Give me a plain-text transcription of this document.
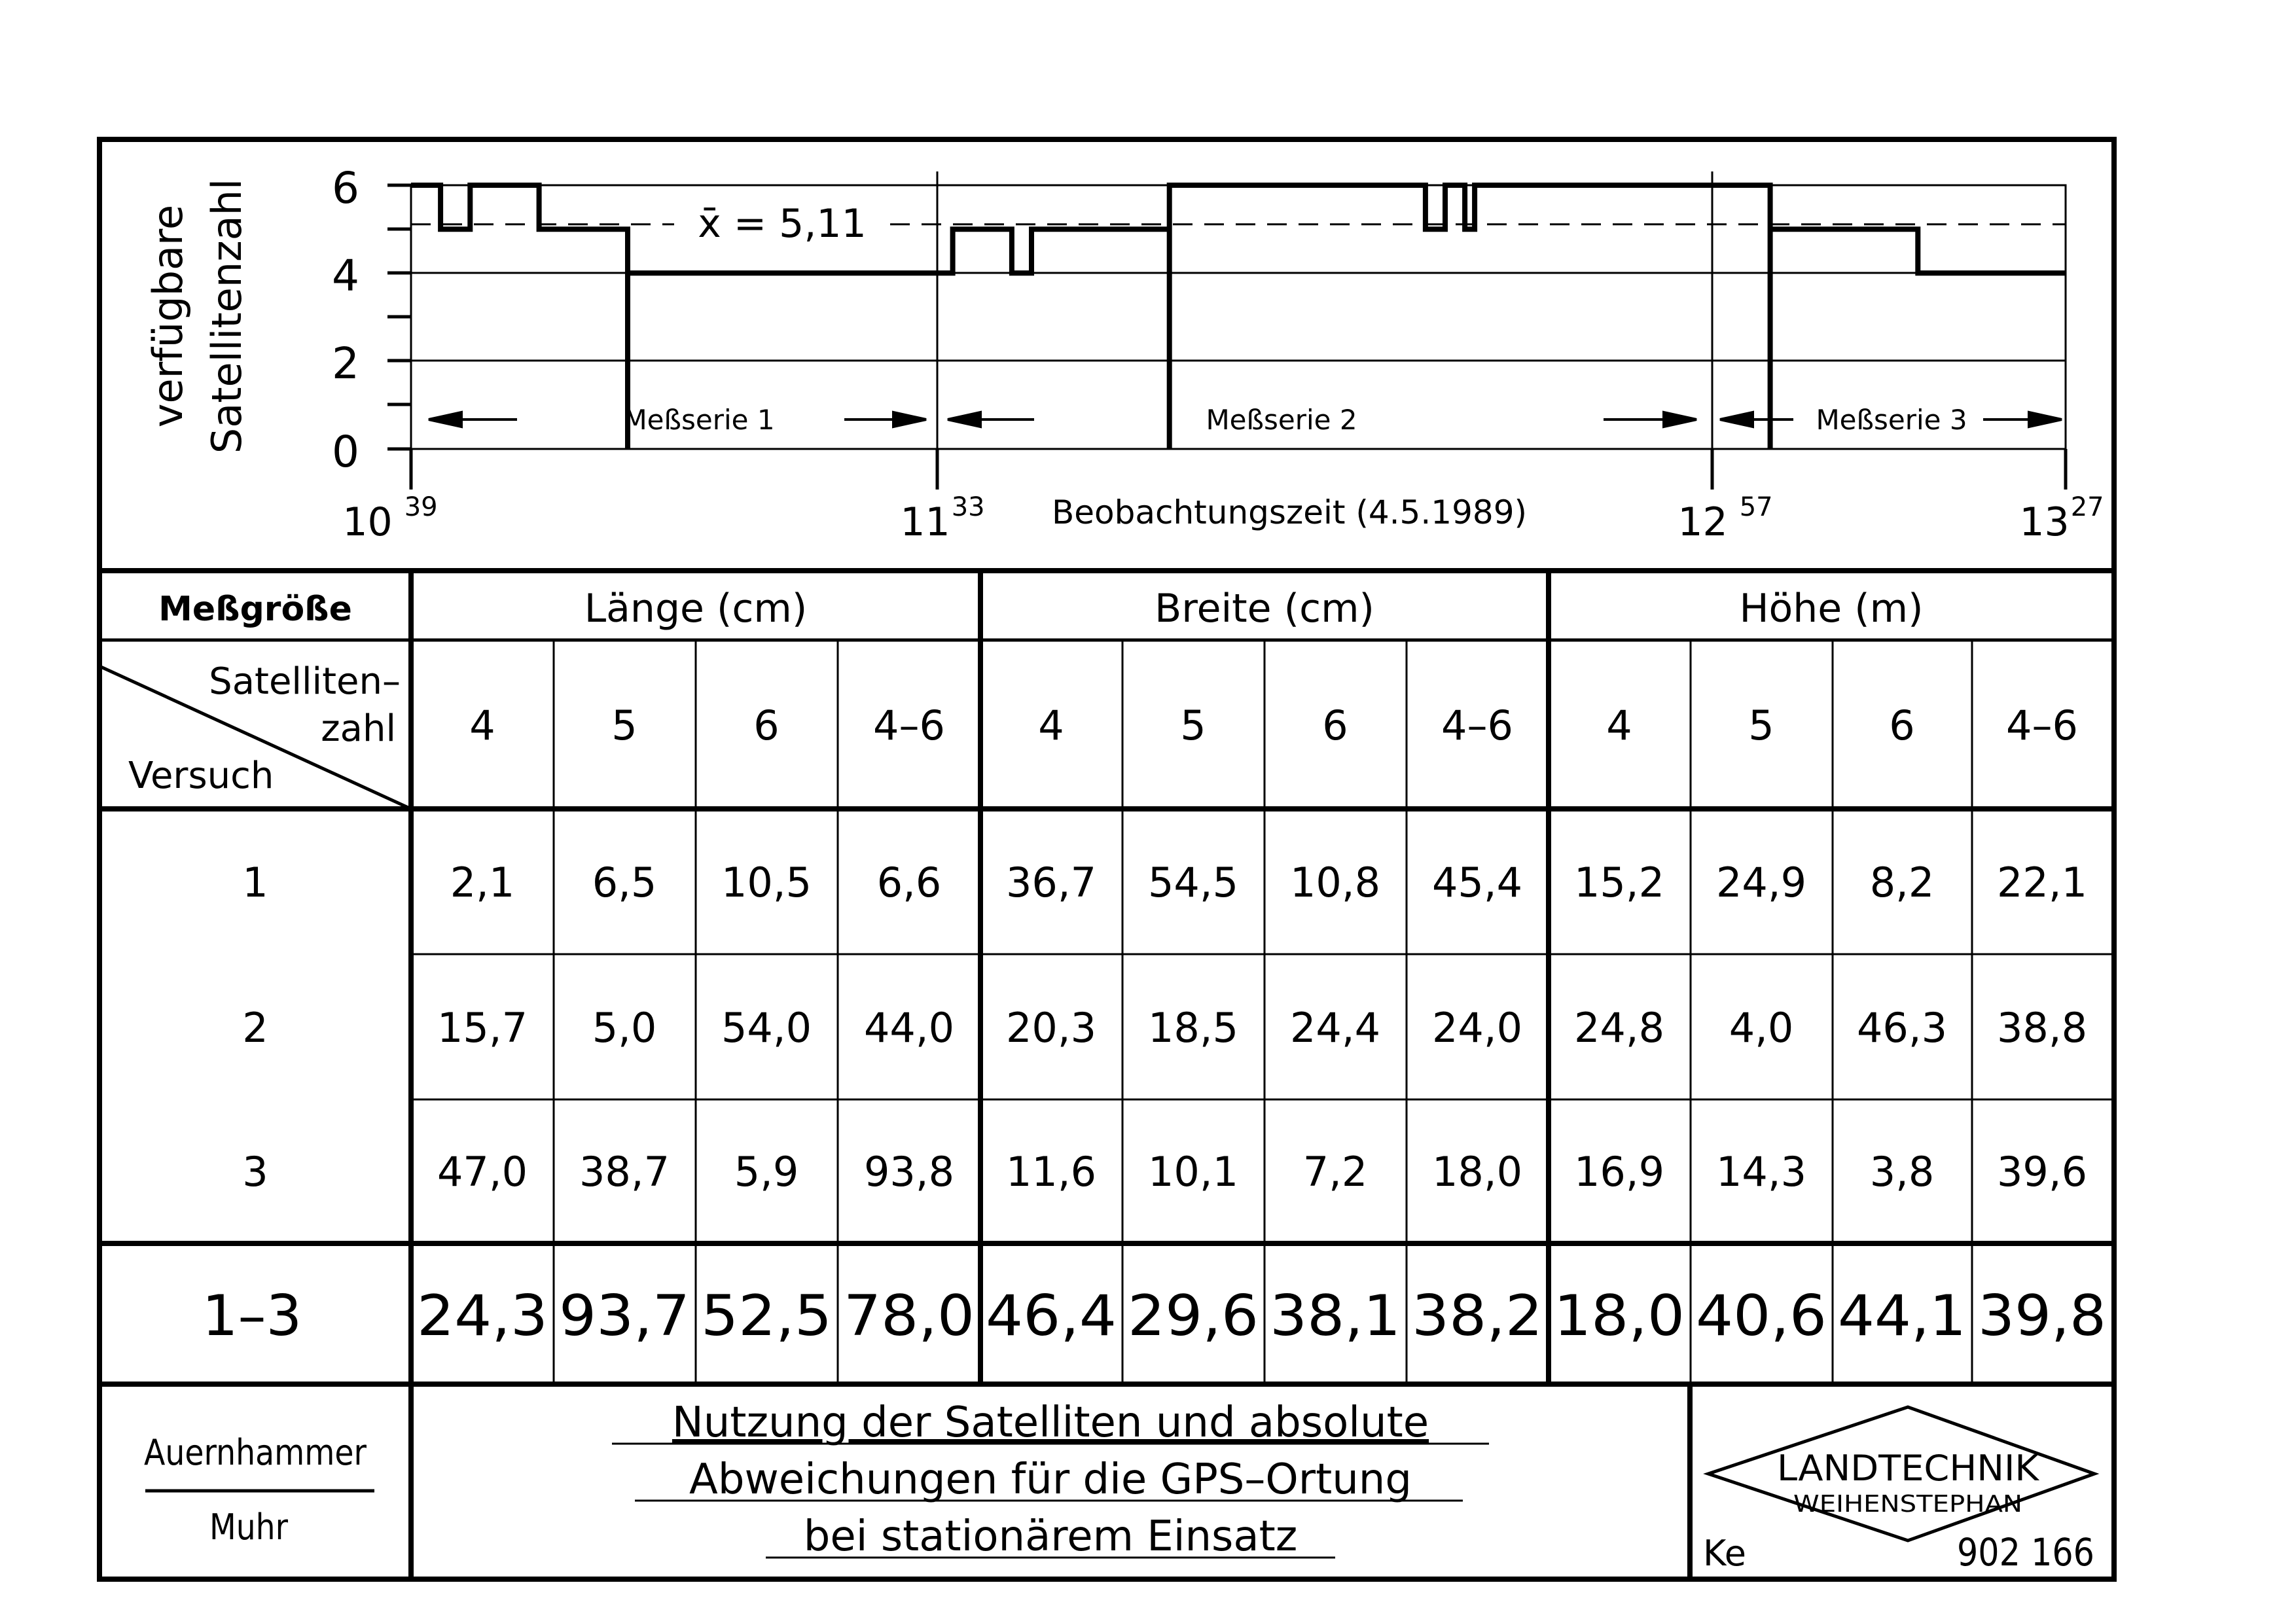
6
4
2
0
verfügbare Satellitenzahl
10 $^{39}$	$11^{33}$	12 $^{57}$	$13^{27}$
Beobachtungszeit (4.5.1989)
x̄ = 5,11
Meßserie 1	Meßserie 2	Meßserie 3
Meßgröße	Länge (cm)	Breite (cm)	Höhe (m)
Satelliten–
zahl
Versuch
4	5	6 4–6 4	5	6 4–6 4	5	6 4–6
1	2,1 6,5 10,5 6,6 36,7 54,5 10,8 45,4 15,2 24,9 8,2 22,1
2	15,7 5,0 54,0 44,0 20,3 18,5 24,4 24,0 24,8 4,0 46,3 38,8
3	47,0 38,7 5,9 93,8 11,6 10,1 7,2 18,0 16,9 14,3 3,8 39,6
1–3 24,3 93,7 52,5 78,0 46,4 29,6 38,1 38,2 18,0 40,6 44,1 39,8
Auernhammer
Muhr
Nutzung der Satelliten und absolute
Abweichungen für die GPS–Ortung
bei stationärem Einsatz
LANDTECHNIK
WEIHENSTEPHAN
Ke	902 166
